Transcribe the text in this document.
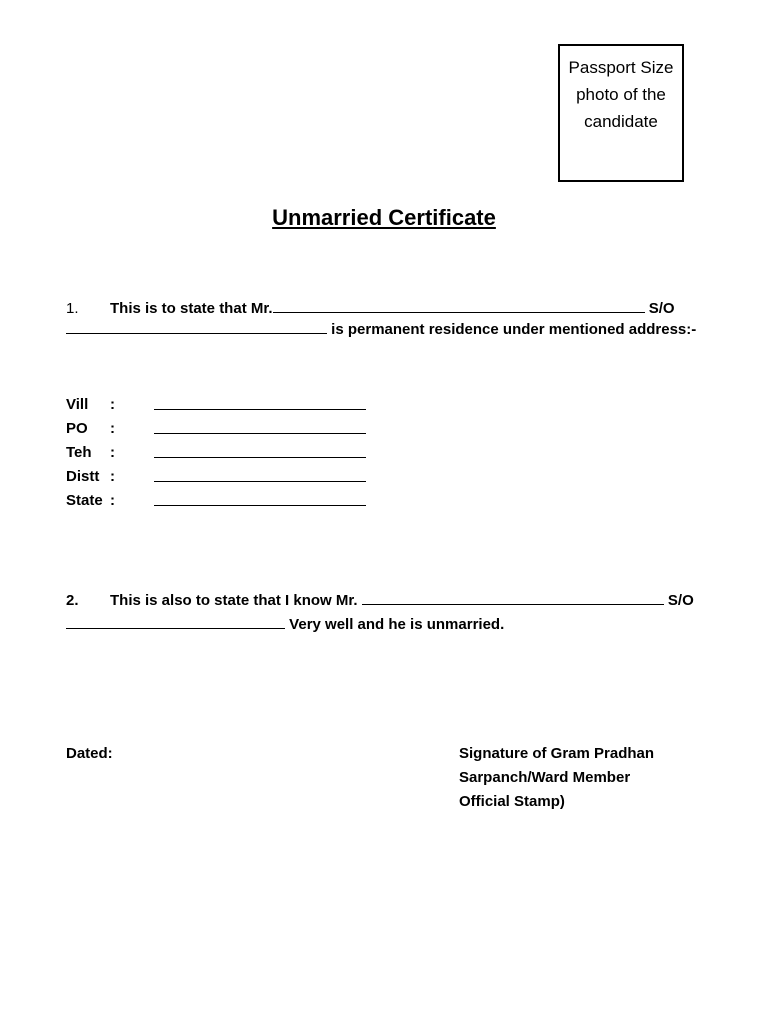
Passport Size
photo of the
candidate
Unmarried Certificate
1. This is to state that Mr.	S/O
is permanent residence under mentioned address:-
Vill :
PO :
Teh :
Distt :
State :
2. This is also to state that I know Mr.	S/O
Very well and he is unmarried.
Dated:	Signature of Gram Pradhan
Sarpanch/Ward Member
Official Stamp)
